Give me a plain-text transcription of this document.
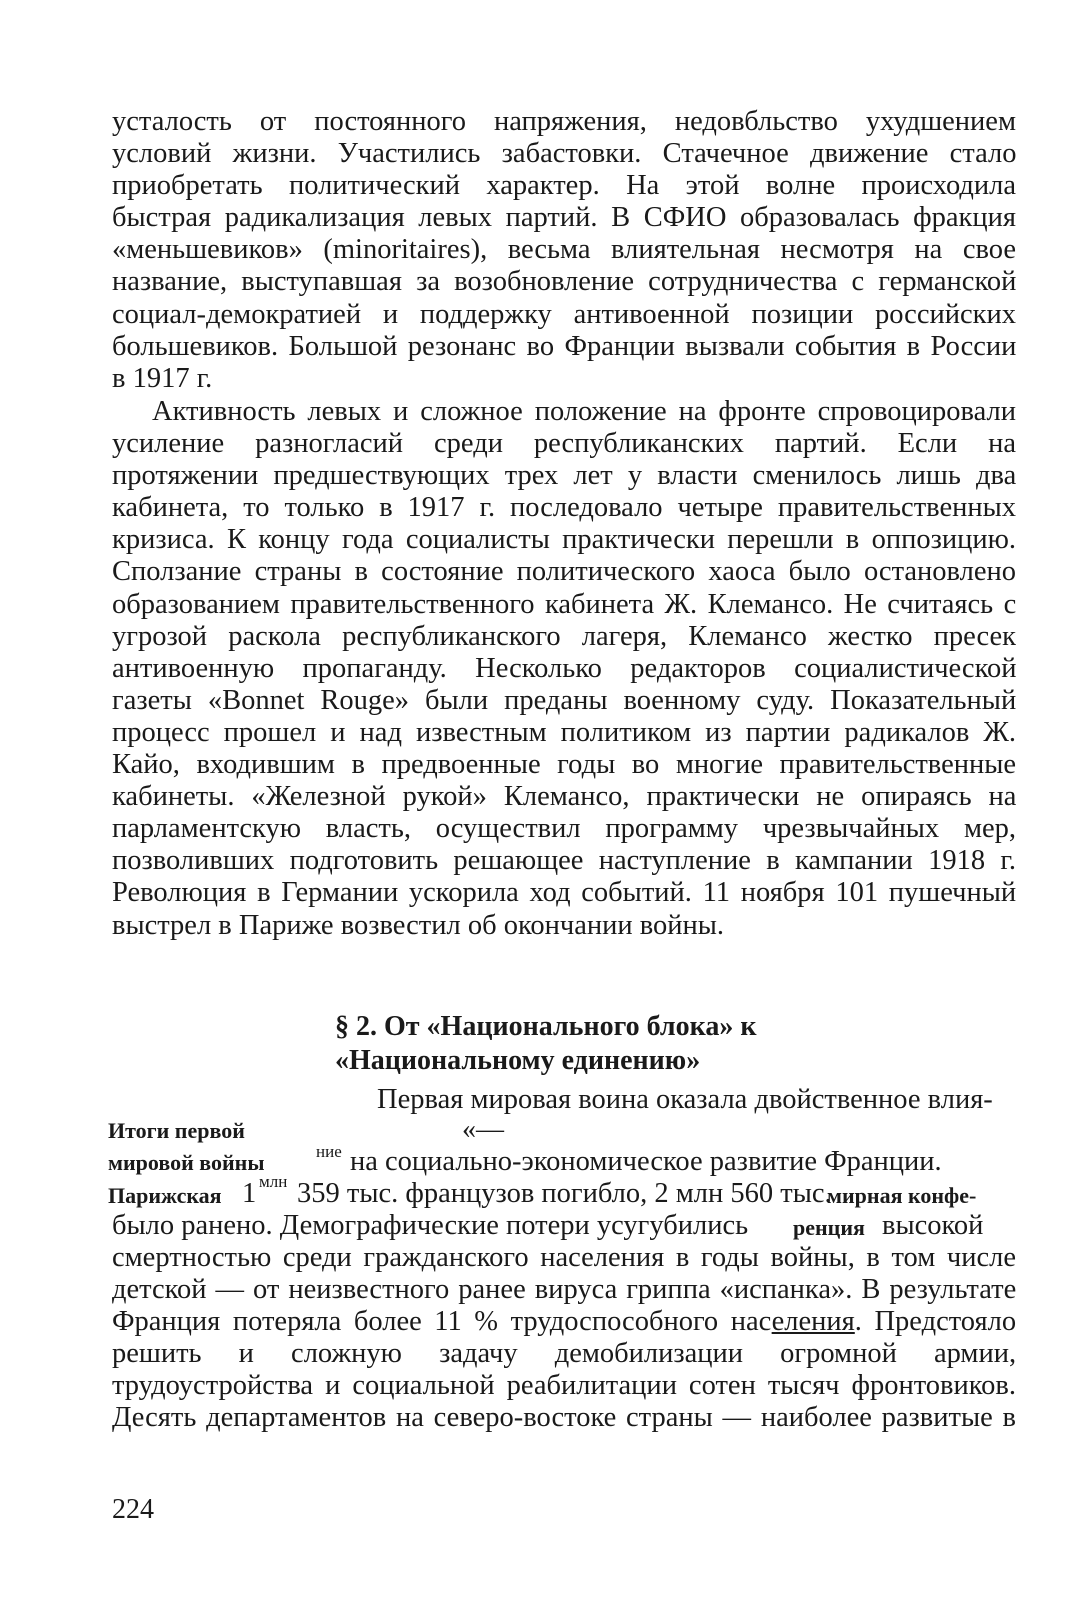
усталость от постоянного напряжения, недовбльство ухудшением
условий жизни. Участились забастовки. Стачечное движение стало
приобретать политический характер. На этой волне происходила
быстрая радикализация левых партий. В СФИО образовалась фракция
«меньшевиков» (minoritaires), весьма влиятельная несмотря на свое
название, выступавшая за возобновление сотрудничества с германской
социал-демократией и поддержку антивоенной позиции российских
большевиков. Большой резонанс во Франции вызвали события в России
в 1917 г.
Активность левых и сложное положение на фронте спровоцировали
усиление разногласий среди республиканских партий. Если на
протяжении предшествующих трех лет у власти сменилось лишь два
кабинета, то только в 1917 г. последовало четыре правительственных
кризиса. К концу года социалисты практически перешли в оппозицию.
Сползание страны в состояние политического хаоса было остановлено
образованием правительственного кабинета Ж. Клемансо. Не считаясь с
угрозой раскола республиканского лагеря, Клемансо жестко пресек
антивоенную пропаганду. Несколько редакторов социалистической
газеты «Bonnet Rouge» были преданы военному суду. Показательный
процесс прошел и над известным политиком из партии радикалов Ж.
Кайо, входившим в предвоенные годы во многие правительственные
кабинеты. «Железной рукой» Клемансо, практически не опираясь на
парламентскую власть, осуществил программу чрезвычайных мер,
позволивших подготовить решающее наступление в кампании 1918 г.
Революция в Германии ускорила ход событий. 11 ноября 101 пушечный
выстрел в Париже возвестил об окончании войны.
§ 2. От «Национального блока» к
«Национальному единению»
Первая мировая воина оказала двойственное влия-
Итоги первой	«—
мировой войны	ние на социально-экономическое развитие Франции.
Парижская 1 млн 359 тыс. французов погибло, 2 млн 560 тыс.
мирная конфе-
было ранено. Демографические потери усугубились ренция высокой
смертностью среди гражданского населения в годы войны, в том числе
детской — от неизвестного ранее вируса гриппа «испанка». В результате
Франция потеряла более 11 % трудоспособного населения. Предстояло
решить и сложную задачу демобилизации огромной армии,
трудоустройства и социальной реабилитации сотен тысяч фронтовиков.
Десять департаментов на северо-востоке страны — наиболее развитые в
224
